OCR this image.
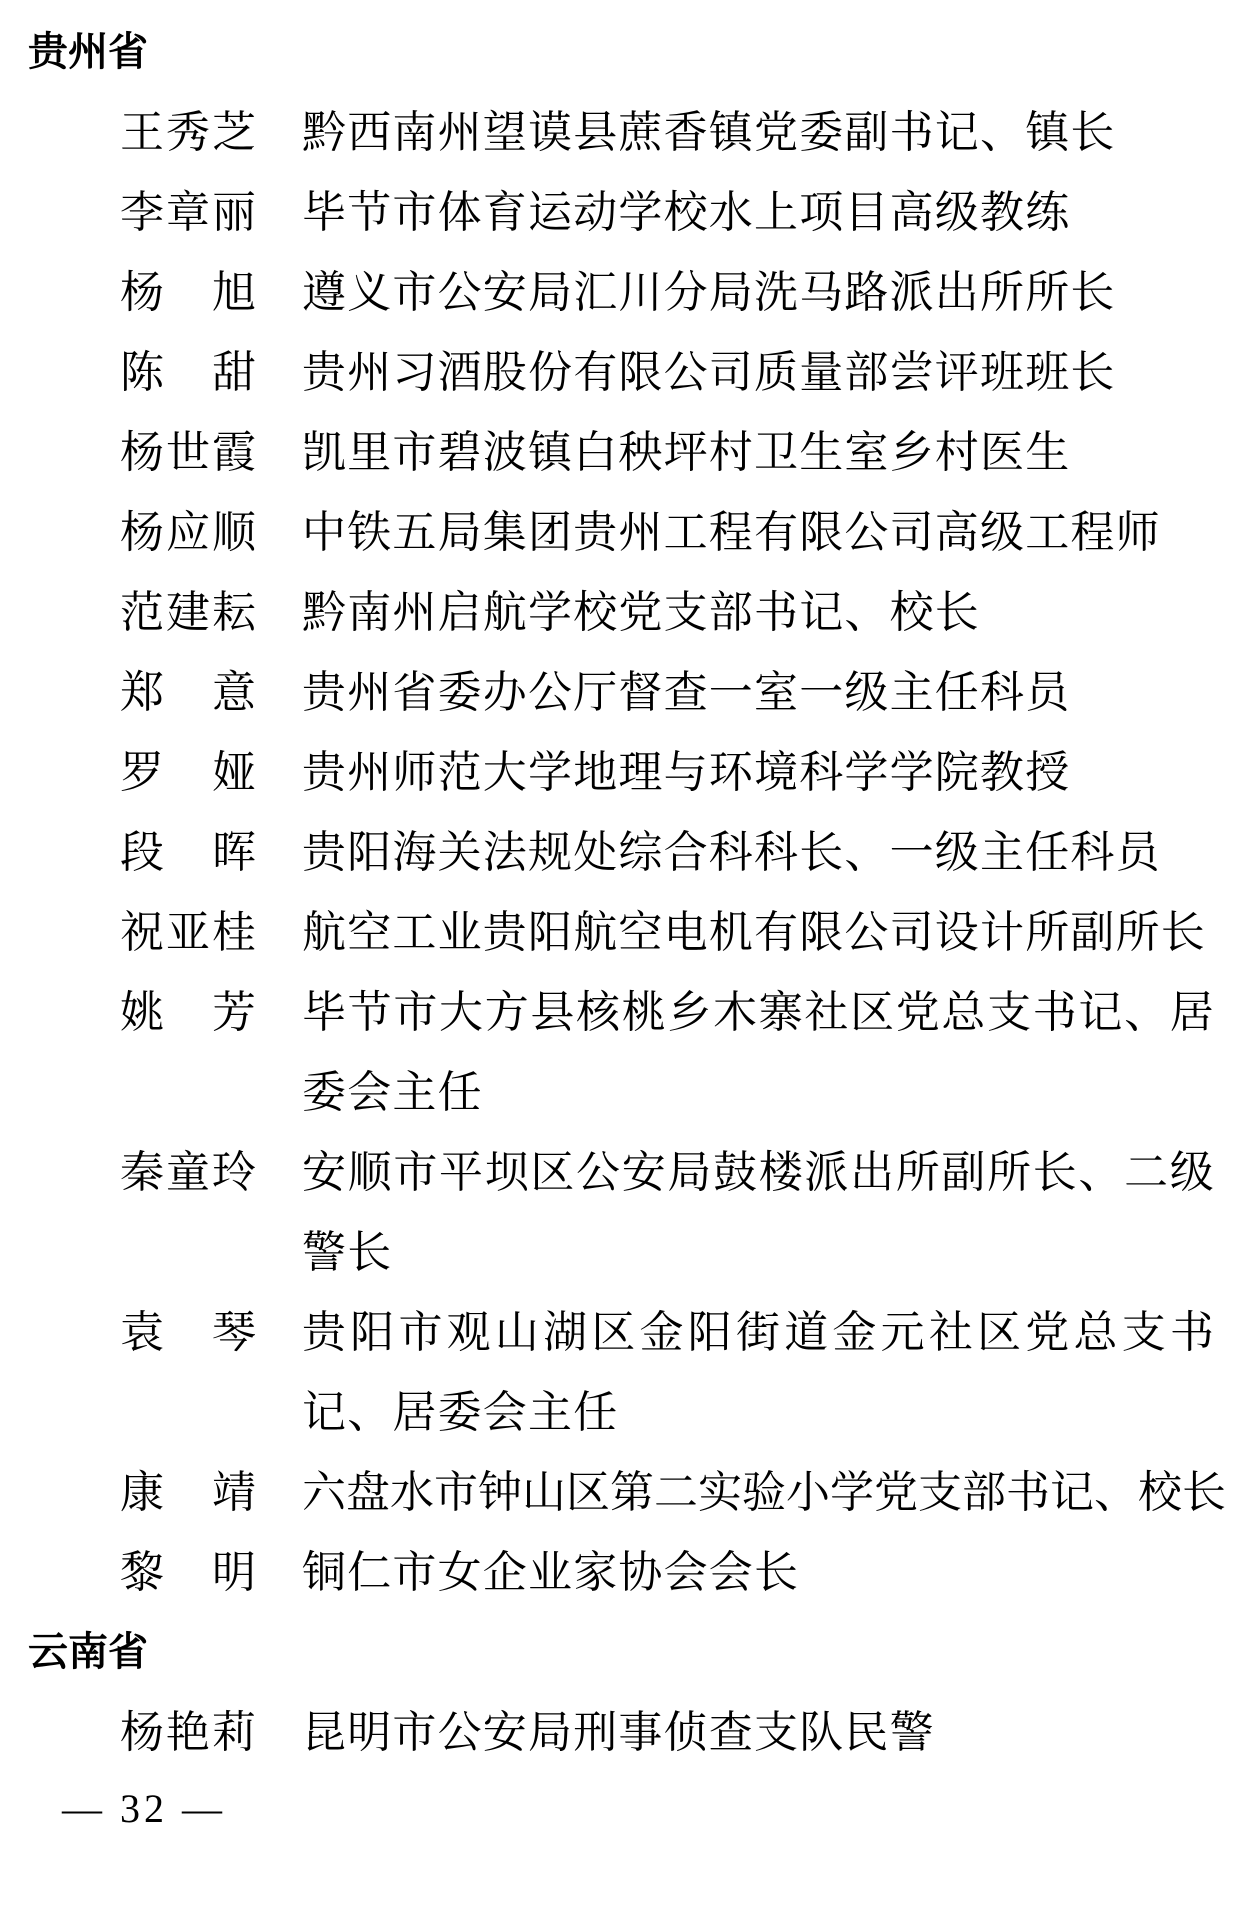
贵州省
王 秀 芝 黔西南州望谟县蔗香镇党委副书记、镇长
李 章 丽 毕节市体育运动学校水上项目高级教练
杨 旭 遵义市公安局汇川分局洗马路派出所所长
陈 甜 贵州习酒股份有限公司质量部尝评班班长
杨 世 霞 凯里市碧波镇白秧坪村卫生室乡村医生
杨 应 顺 中铁五局集团贵州工程有限公司高级工程师
范 建 耘 黔南州启航学校党支部书记、校长
郑 意 贵州省委办公厅督查一室一级主任科员
罗 娅 贵州师范大学地理与环境科学学院教授
段 晖 贵阳海关法规处综合科科长、一级主任科员
祝 亚 桂 航空工业贵阳航空电机有限公司设计所副所长
姚 芳 毕 节 市 大 方 县 核 桃 乡 木 寨 社 区 党 总 支 书 记 、 居
委会主任
秦 童 玲 安 顺 市 平 坝 区 公 安 局 鼓 楼 派 出 所 副 所 长 、 二 级
警长
袁 琴 贵 阳 市 观 山 湖 区 金 阳 街 道 金 元 社 区 党 总 支 书
记、居委会主任
康 靖 六盘水市钟山区第二实验小学党支部书记、校长
黎 明 铜仁市女企业家协会会长
云南省
杨 艳 莉 昆明市公安局刑事侦查支队民警
— 32 —
